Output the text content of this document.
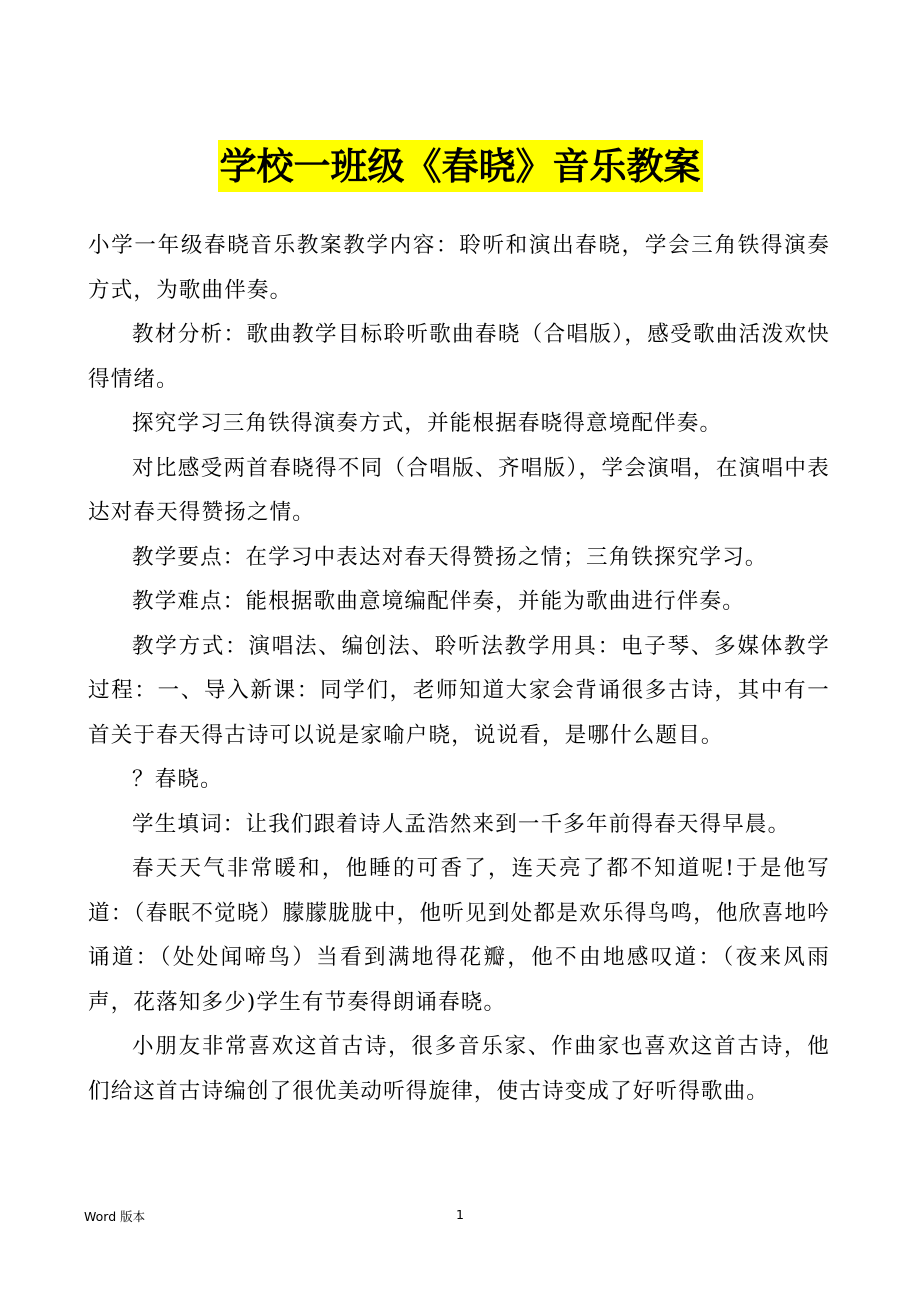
学校一班级《春晓》音乐教案

小学一年级春晓音乐教案教学内容：聆听和演出春晓，学会三角铁得演奏方式，为歌曲伴奏。

教材分析：歌曲教学目标聆听歌曲春晓（合唱版），感受歌曲活泼欢快得情绪。

探究学习三角铁得演奏方式，并能根据春晓得意境配伴奏。

对比感受两首春晓得不同（合唱版、齐唱版），学会演唱，在演唱中表达对春天得赞扬之情。

教学要点：在学习中表达对春天得赞扬之情；三角铁探究学习。

教学难点：能根据歌曲意境编配伴奏，并能为歌曲进行伴奏。

教学方式：演唱法、编创法、聆听法教学用具：电子琴、多媒体教学过程：一、导入新课：同学们，老师知道大家会背诵很多古诗，其中有一首关于春天得古诗可以说是家喻户晓，说说看，是哪什么题目。

？春晓。

学生填词：让我们跟着诗人孟浩然来到一千多年前得春天得早晨。

春天天气非常暖和，他睡的可香了，连天亮了都不知道呢!于是他写道：（春眠不觉晓）朦朦胧胧中，他听见到处都是欢乐得鸟鸣，他欣喜地吟诵道：（处处闻啼鸟）当看到满地得花瓣，他不由地感叹道：（夜来风雨声，花落知多少)学生有节奏得朗诵春晓。

小朋友非常喜欢这首古诗，很多音乐家、作曲家也喜欢这首古诗，他们给这首古诗编创了很优美动听得旋律，使古诗变成了好听得歌曲。

Word 版本	1
